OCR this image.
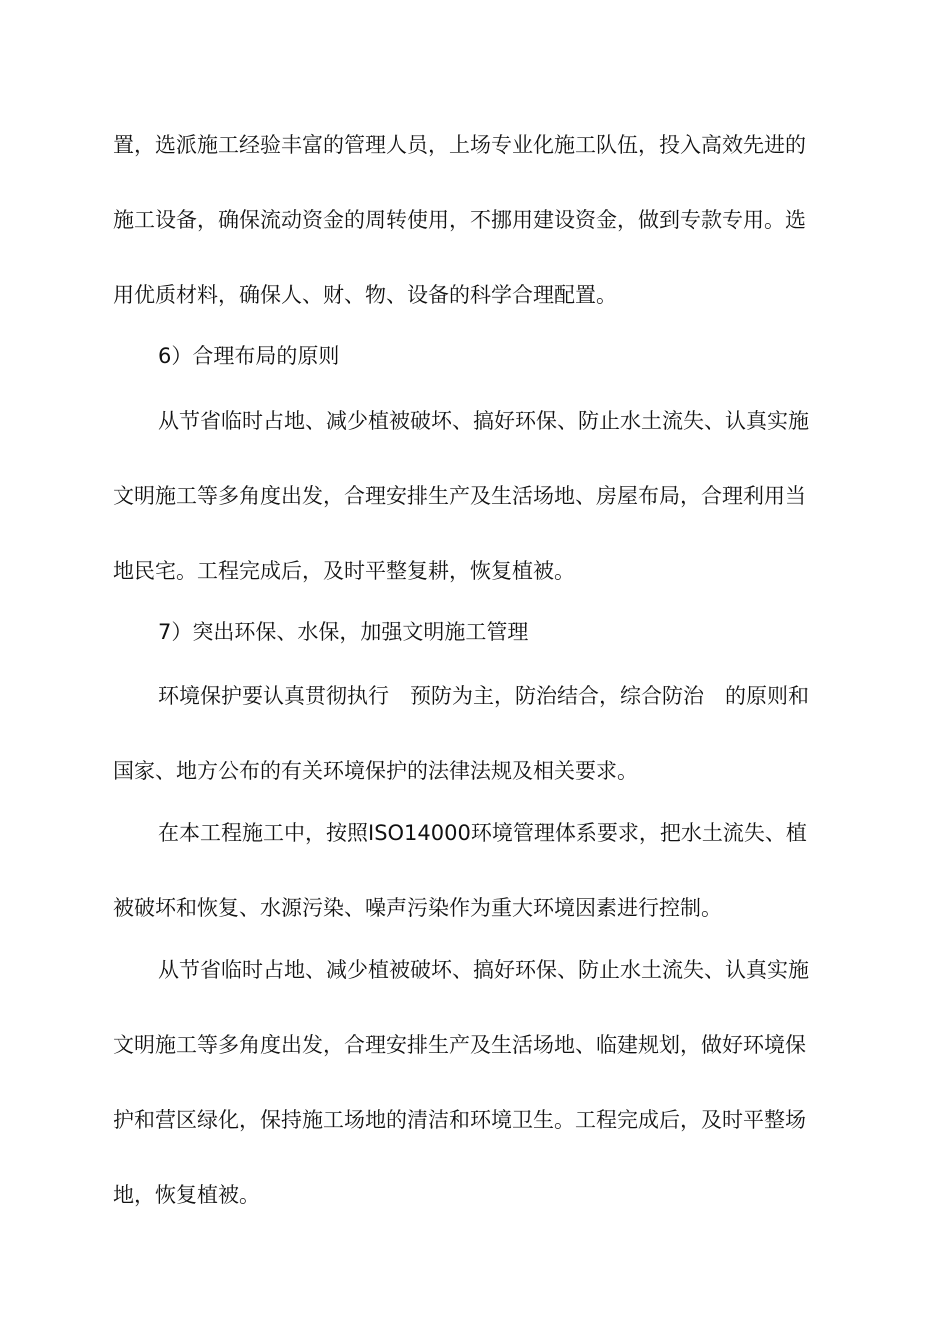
置，选派施工经验丰富的管理人员，上场专业化施工队伍，投入高效先进的
施工设备，确保流动资金的周转使用，不挪用建设资金，做到专款专用。选
用优质材料，确保人、财、物、设备的科学合理配置。
6）合理布局的原则
从节省临时占地、减少植被破坏、搞好环保、防止水土流失、认真实施
文明施工等多角度出发，合理安排生产及生活场地、房屋布局，合理利用当
地民宅。工程完成后，及时平整复耕，恢复植被。
7）突出环保、水保，加强文明施工管理
环境保护要认真贯彻执行　预防为主，防治结合，综合防治　的原则和
国家、地方公布的有关环境保护的法律法规及相关要求。
在本工程施工中，按照ISO14000环境管理体系要求，把水土流失、植
被破坏和恢复、水源污染、噪声污染作为重大环境因素进行控制。
从节省临时占地、减少植被破坏、搞好环保、防止水土流失、认真实施
文明施工等多角度出发，合理安排生产及生活场地、临建规划，做好环境保
护和营区绿化，保持施工场地的清洁和环境卫生。工程完成后，及时平整场
地，恢复植被。
